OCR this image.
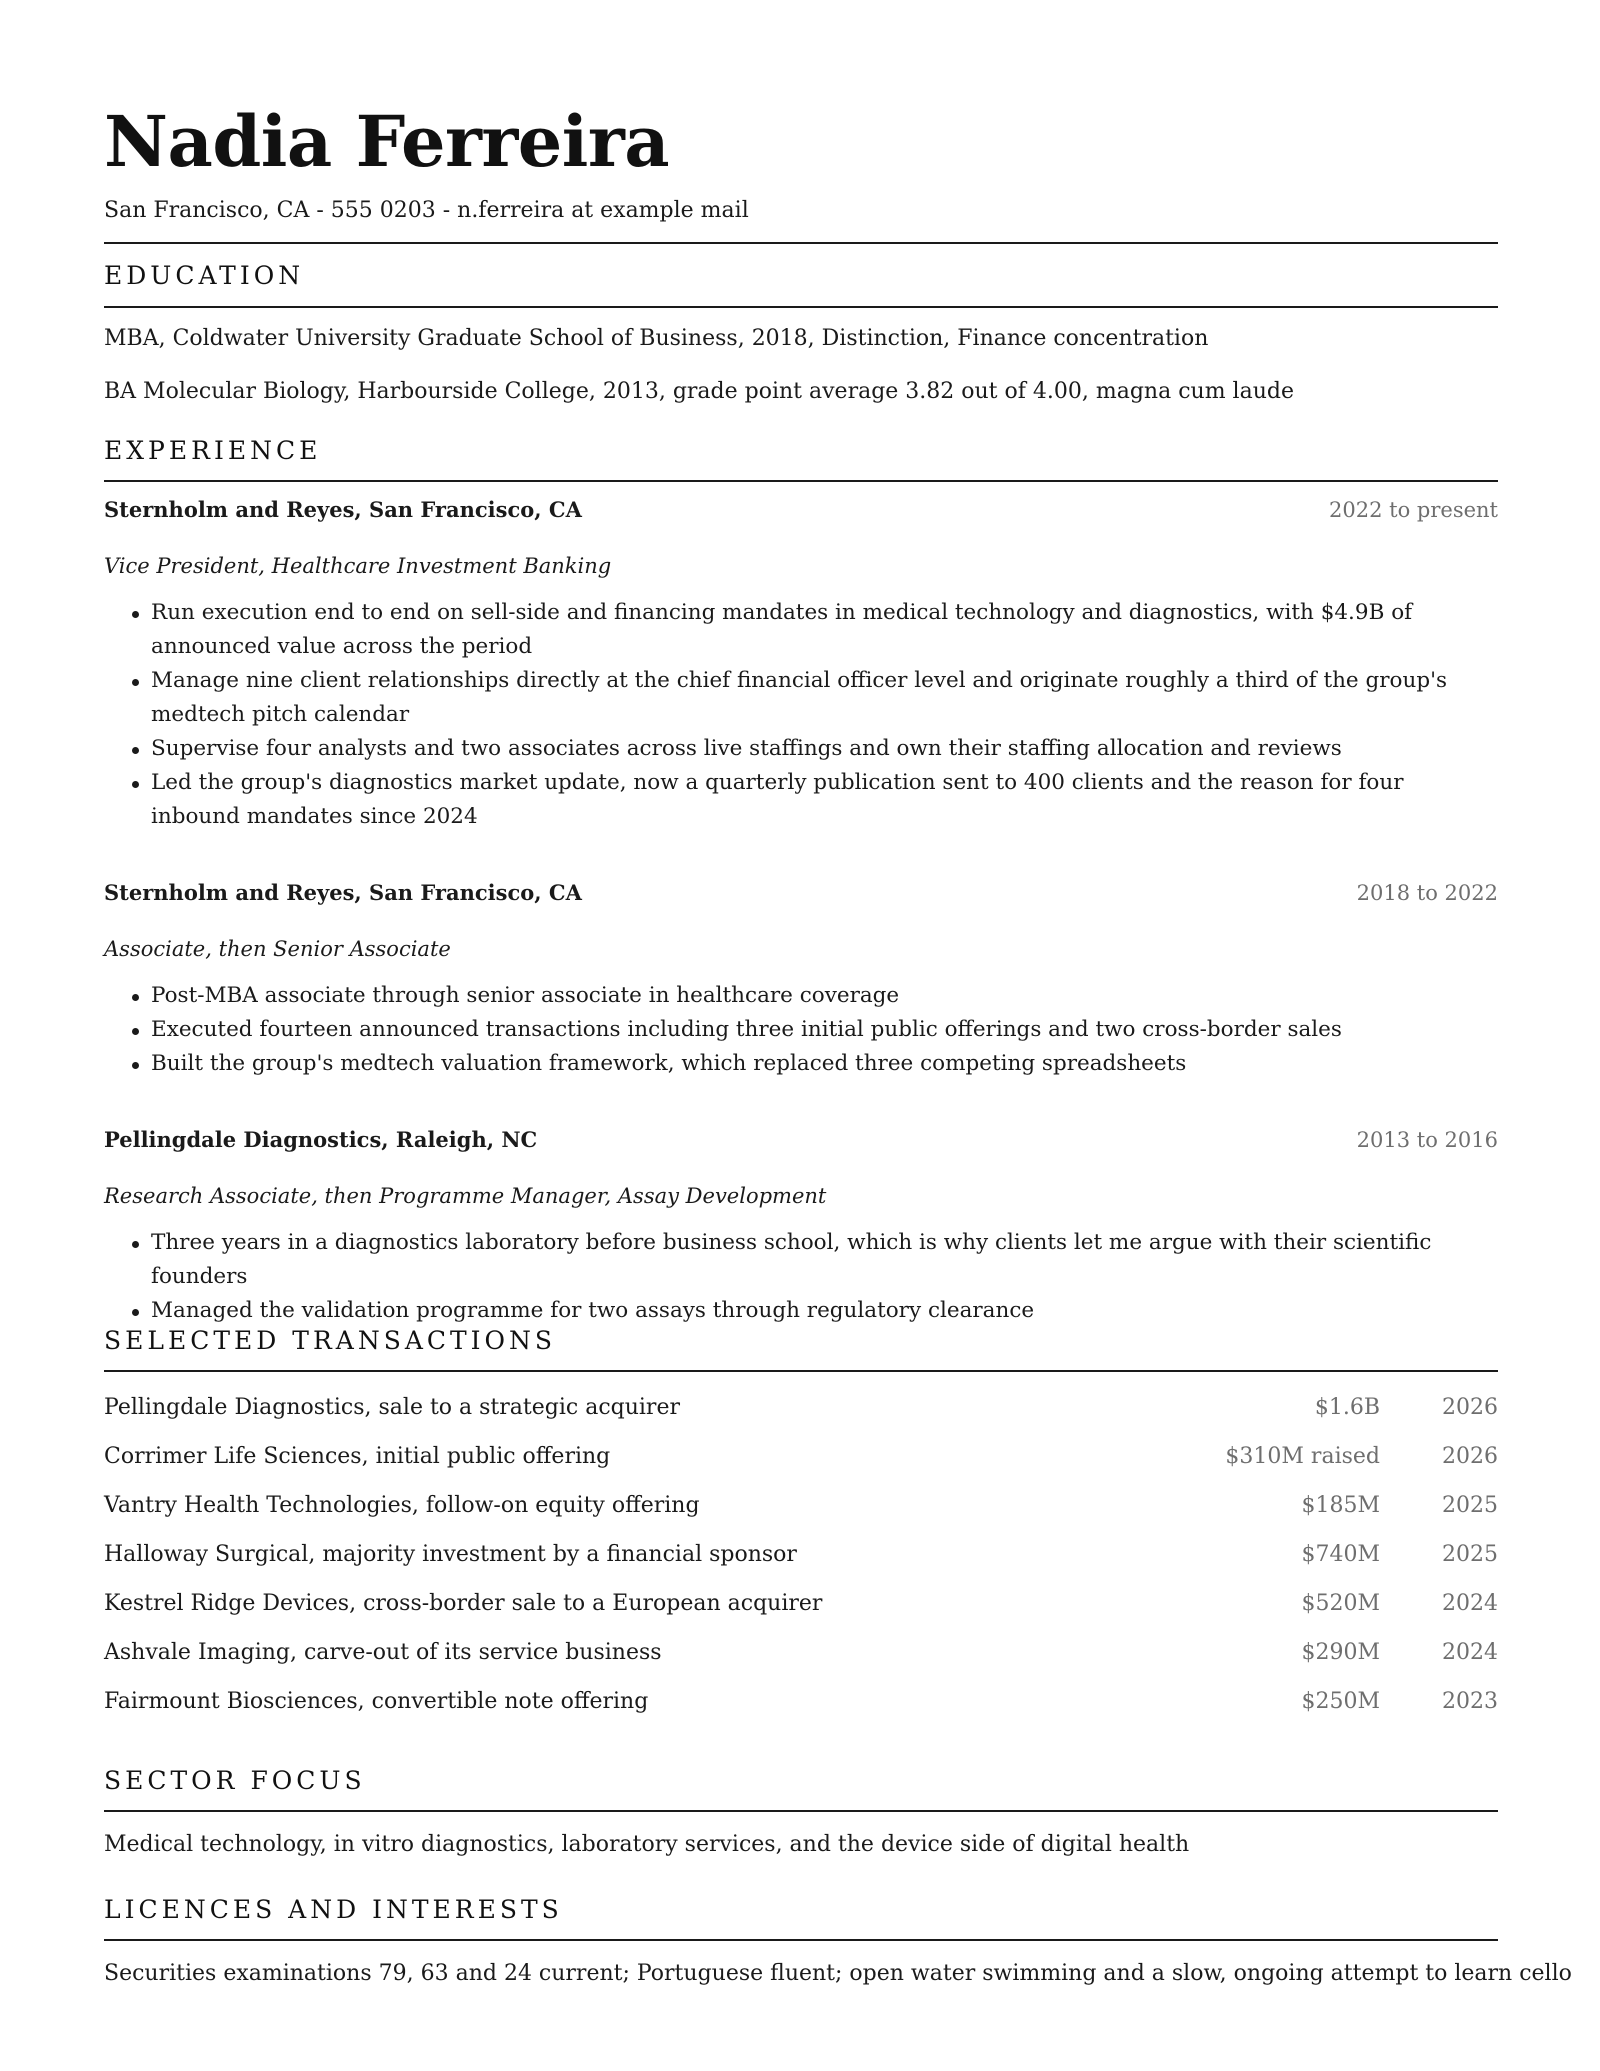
Nadia Ferreira
San Francisco, CA - 555 0203 - n.ferreira at example mail
EDUCATION
MBA, Coldwater University Graduate School of Business, 2018, Distinction, Finance concentration
BA Molecular Biology, Harbourside College, 2013, grade point average 3.82 out of 4.00, magna cum laude
EXPERIENCE
Sternholm and Reyes, San Francisco, CA	2022 to present
Vice President, Healthcare Investment Banking
Run execution end to end on sell-side and financing mandates in medical technology and diagnostics, with $4.9B of announced value across the period
Manage nine client relationships directly at the chief financial officer level and originate roughly a third of the group's medtech pitch calendar
Supervise four analysts and two associates across live staffings and own their staffing allocation and reviews
Led the group's diagnostics market update, now a quarterly publication sent to 400 clients and the reason for four inbound mandates since 2024
Sternholm and Reyes, San Francisco, CA	2018 to 2022
Associate, then Senior Associate
Post-MBA associate through senior associate in healthcare coverage
Executed fourteen announced transactions including three initial public offerings and two cross-border sales
Built the group's medtech valuation framework, which replaced three competing spreadsheets
Pellingdale Diagnostics, Raleigh, NC	2013 to 2016
Research Associate, then Programme Manager, Assay Development
Three years in a diagnostics laboratory before business school, which is why clients let me argue with their scientific founders
Managed the validation programme for two assays through regulatory clearance
SELECTED TRANSACTIONS
Pellingdale Diagnostics, sale to a strategic acquirer	$1.6B	2026
Corrimer Life Sciences, initial public offering	$310M raised	2026
Vantry Health Technologies, follow-on equity offering	$185M	2025
Halloway Surgical, majority investment by a financial sponsor	$740M	2025
Kestrel Ridge Devices, cross-border sale to a European acquirer	$520M	2024
Ashvale Imaging, carve-out of its service business	$290M	2024
Fairmount Biosciences, convertible note offering	$250M	2023
SECTOR FOCUS
Medical technology, in vitro diagnostics, laboratory services, and the device side of digital health
LICENCES AND INTERESTS
Securities examinations 79, 63 and 24 current; Portuguese fluent; open water swimming and a slow, ongoing attempt to learn cello
